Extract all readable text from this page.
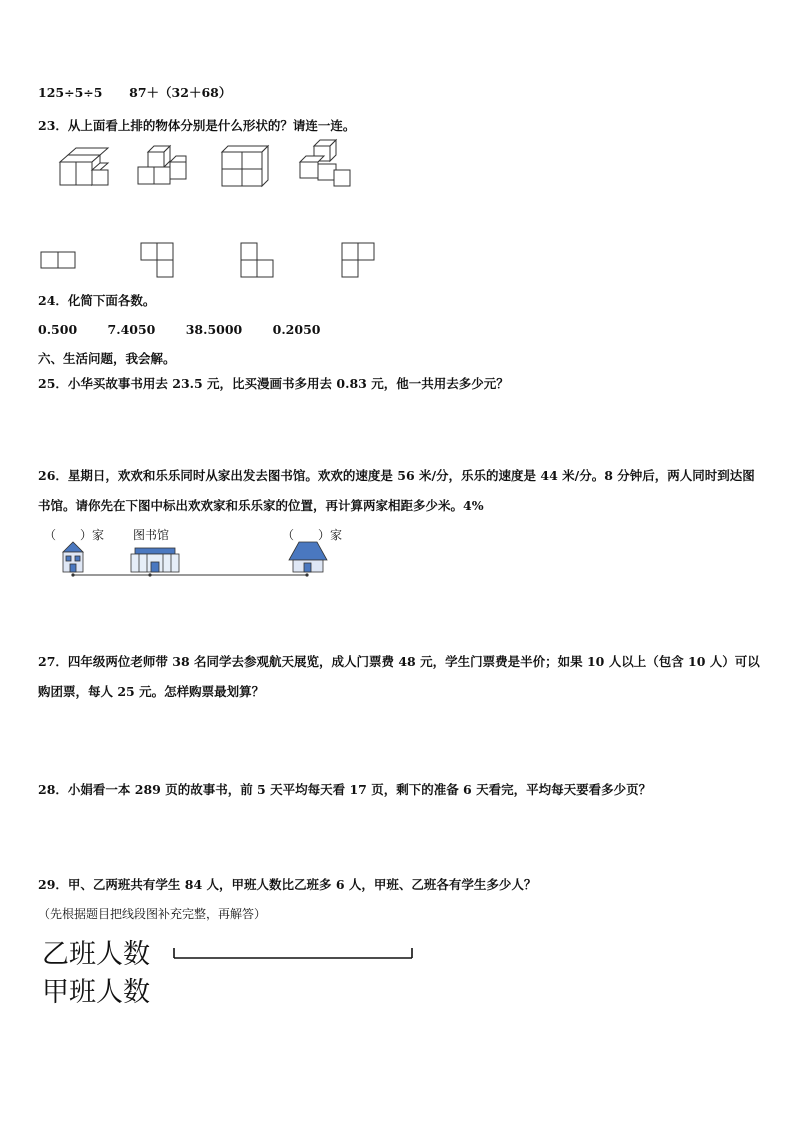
125÷5÷5 87＋（32＋68）
23．从上面看上排的物体分别是什么形状的？请连一连。
24．化简下面各数。
0.500 7.4050 38.5000 0.2050
六、生活问题，我会解。
25．小华买故事书用去 23.5 元，比买漫画书多用去 0.83 元，他一共用去多少元？
26．星期日，欢欢和乐乐同时从家出发去图书馆。欢欢的速度是 56 米/分，乐乐的速度是 44 米/分。8 分钟后，两人同时到达图书馆。请你先在下图中标出欢欢家和乐乐家的位置，再计算两家相距多少米。4%
（　　）家 图书馆	（　　）家
27．四年级两位老师带 38 名同学去参观航天展览，成人门票费 48 元，学生门票费是半价；如果 10 人以上（包含 10 人）可以购团票，每人 25 元。怎样购票最划算？
28．小娟看一本 289 页的故事书，前 5 天平均每天看 17 页，剩下的准备 6 天看完，平均每天要看多少页？
29．甲、乙两班共有学生 84 人，甲班人数比乙班多 6 人，甲班、乙班各有学生多少人？
（先根据题目把线段图补充完整，再解答）
乙班人数
甲班人数
